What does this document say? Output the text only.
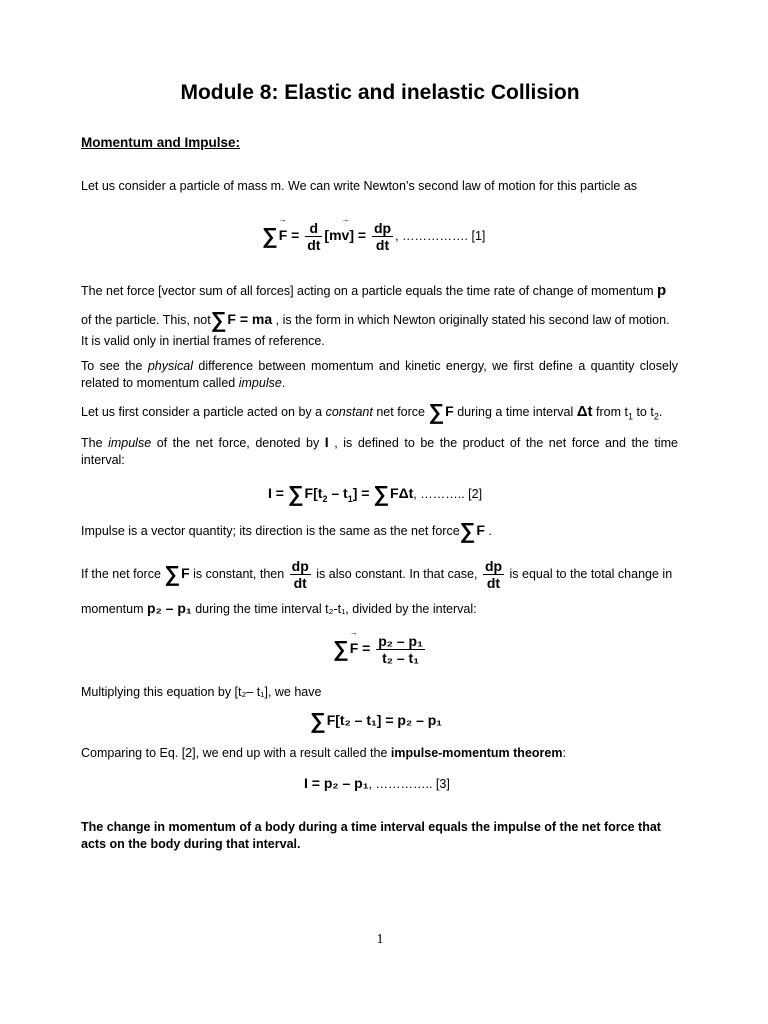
Module 8: Elastic and inelastic Collision
Momentum and Impulse:
Let us consider a particle of mass m. We can write Newton’s second law of motion for this particle as
∑→ $F = \frac{d}{dt} [m\to v] = \frac{dp}{dt}$ , ……………. [1]
The net force [vector sum of all forces] acting on a particle equals the time rate of change of momentum p
of the particle. This, not∑F = ma , is the form in which Newton originally stated his second law of motion.
It is valid only in inertial frames of reference.
To see the physical difference between momentum and kinetic energy, we first define a quantity closely related to momentum called impulse.
Let us first consider a particle acted on by a constant net force ∑F during a time interval Δt from $t_1$ to $t_2$.
The impulse of the net force, denoted by I , is defined to be the product of the net force and the time interval:
$I = \sum F[t_2 - t_1] = \sum F\Delta t$, ……….. [2]
Impulse is a vector quantity; its direction is the same as the net force∑F .
If the net force ∑F is constant, then $\frac{dp}{dt}$ is also constant. In that case, $\frac{dp}{dt}$ is equal to the total change in
momentum p₂ – p₁ during the time interval t₂-t₁, divided by the interval:
∑→ $F = \frac{\text{p₂ – p₁}}{\text{t₂ – t₁}}$
Multiplying this equation by [t₂– t₁], we have
∑F[t₂ – t₁] = p₂ – p₁
Comparing to Eq. [2], we end up with a result called the impulse-momentum theorem:
I = p₂ – p₁, ………….. [3]
The change in momentum of a body during a time interval equals the impulse of the net force that acts on the body during that interval.
1
